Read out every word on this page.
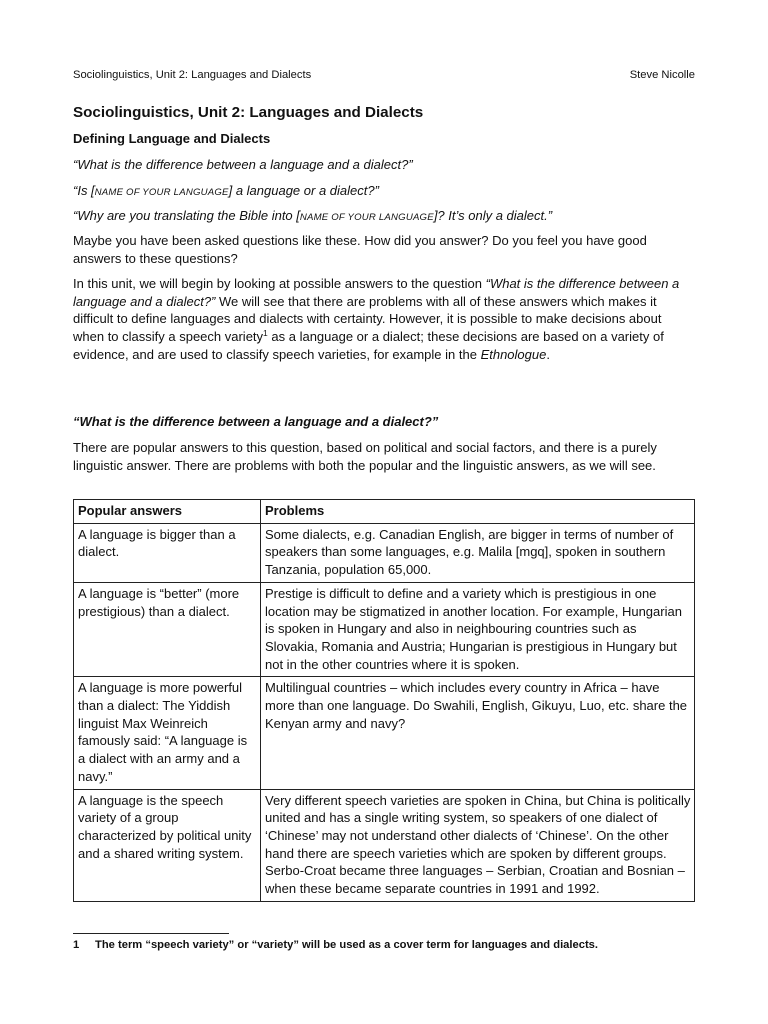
Sociolinguistics, Unit 2: Languages and Dialects	Steve Nicolle
Sociolinguistics, Unit 2: Languages and Dialects
Defining Language and Dialects
“What is the difference between a language and a dialect?”
“Is [NAME OF YOUR LANGUAGE] a language or a dialect?”
“Why are you translating the Bible into [NAME OF YOUR LANGUAGE]? It’s only a dialect.”
Maybe you have been asked questions like these. How did you answer? Do you feel you have good answers to these questions?
In this unit, we will begin by looking at possible answers to the question “What is the difference between a language and a dialect?” We will see that there are problems with all of these answers which makes it difficult to define languages and dialects with certainty. However, it is possible to make decisions about when to classify a speech variety$^1$ as a language or a dialect; these decisions are based on a variety of evidence, and are used to classify speech varieties, for example in the Ethnologue.
“What is the difference between a language and a dialect?”
There are popular answers to this question, based on political and social factors, and there is a purely linguistic answer. There are problems with both the popular and the linguistic answers, as we will see.
Popular answers	Problems
A language is bigger than a dialect.	Some dialects, e.g. Canadian English, are bigger in terms of number of speakers than some languages, e.g. Malila [mgq], spoken in southern Tanzania, population 65,000.
A language is “better” (more prestigious) than a dialect.	Prestige is difficult to define and a variety which is prestigious in one location may be stigmatized in another location. For example, Hungarian is spoken in Hungary and also in neighbouring countries such as Slovakia, Romania and Austria; Hungarian is prestigious in Hungary but not in the other countries where it is spoken.
A language is more powerful than a dialect: The Yiddish linguist Max Weinreich famously said: “A language is a dialect with an army and a navy.”	Multilingual countries – which includes every country in Africa – have more than one language. Do Swahili, English, Gikuyu, Luo, etc. share the Kenyan army and navy?
A language is the speech variety of a group characterized by political unity and a shared writing system.	Very different speech varieties are spoken in China, but China is politically united and has a single writing system, so speakers of one dialect of ‘Chinese’ may not understand other dialects of ‘Chinese’. On the other hand there are speech varieties which are spoken by different groups. Serbo-Croat became three languages – Serbian, Croatian and Bosnian – when these became separate countries in 1991 and 1992.
1 The term “speech variety” or “variety” will be used as a cover term for languages and dialects.
